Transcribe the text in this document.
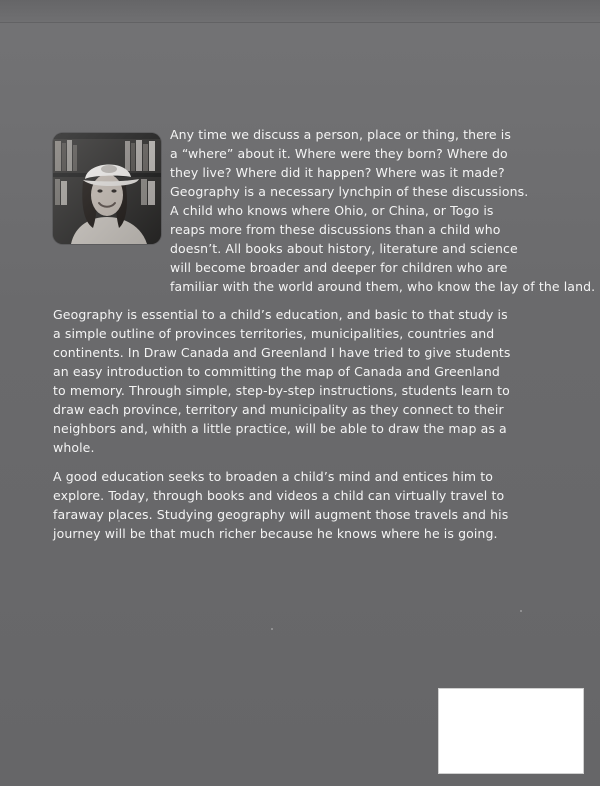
Any time we discuss a person, place or thing, there is
a “where” about it. Where were they born? Where do
they live? Where did it happen? Where was it made?
Geography is a necessary lynchpin of these discussions.
A child who knows where Ohio, or China, or Togo is
reaps more from these discussions than a child who
doesn’t. All books about history, literature and science
will become broader and deeper for children who are
familiar with the world around them, who know the lay of the land.
Geography is essential to a child’s education, and basic to that study is
a simple outline of provinces territories, municipalities, countries and
continents. In Draw Canada and Greenland I have tried to give students
an easy introduction to committing the map of Canada and Greenland
to memory. Through simple, step-by-step instructions, students learn to
draw each province, territory and municipality as they connect to their
neighbors and, whith a little practice, will be able to draw the map as a
whole.
A good education seeks to broaden a child’s mind and entices him to
explore. Today, through books and videos a child can virtually travel to
faraway places. Studying geography will augment those travels and his
journey will be that much richer because he knows where he is going.
